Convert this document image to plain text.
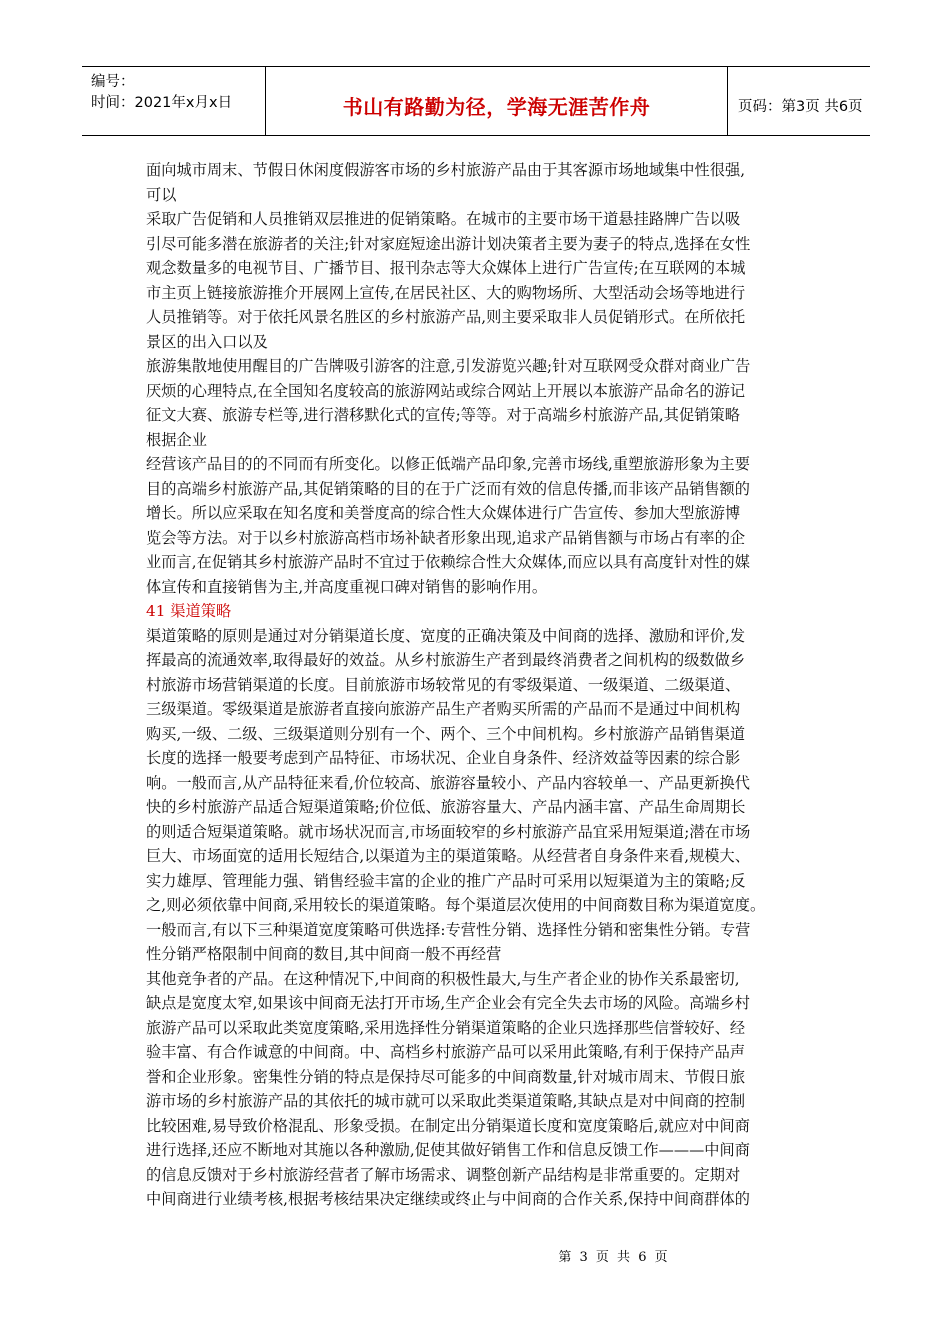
编号：
时间：2021年x月x日	书山有路勤为径，学海无涯苦作舟	页码：第3页 共6页

面向城市周末、节假日休闲度假游客市场的乡村旅游产品由于其客源市场地域集中性很强,

可以

采取广告促销和人员推销双层推进的促销策略。在城市的主要市场干道悬挂路牌广告以吸

引尽可能多潜在旅游者的关注;针对家庭短途出游计划决策者主要为妻子的特点,选择在女性

观念数量多的电视节目、广播节目、报刊杂志等大众媒体上进行广告宣传;在互联网的本城

市主页上链接旅游推介开展网上宣传,在居民社区、大的购物场所、大型活动会场等地进行

人员推销等。对于依托风景名胜区的乡村旅游产品,则主要采取非人员促销形式。在所依托

景区的出入口以及

旅游集散地使用醒目的广告牌吸引游客的注意,引发游览兴趣;针对互联网受众群对商业广告

厌烦的心理特点,在全国知名度较高的旅游网站或综合网站上开展以本旅游产品命名的游记

征文大赛、旅游专栏等,进行潜移默化式的宣传;等等。对于高端乡村旅游产品,其促销策略

根据企业

经营该产品目的的不同而有所变化。以修正低端产品印象,完善市场线,重塑旅游形象为主要

目的高端乡村旅游产品,其促销策略的目的在于广泛而有效的信息传播,而非该产品销售额的

增长。所以应采取在知名度和美誉度高的综合性大众媒体进行广告宣传、参加大型旅游博

览会等方法。对于以乡村旅游高档市场补缺者形象出现,追求产品销售额与市场占有率的企

业而言,在促销其乡村旅游产品时不宜过于依赖综合性大众媒体,而应以具有高度针对性的媒

体宣传和直接销售为主,并高度重视口碑对销售的影响作用。

41 渠道策略

渠道策略的原则是通过对分销渠道长度、宽度的正确决策及中间商的选择、激励和评价,发

挥最高的流通效率,取得最好的效益。从乡村旅游生产者到最终消费者之间机构的级数做乡

村旅游市场营销渠道的长度。目前旅游市场较常见的有零级渠道、一级渠道、二级渠道、

三级渠道。零级渠道是旅游者直接向旅游产品生产者购买所需的产品而不是通过中间机构

购买,一级、二级、三级渠道则分别有一个、两个、三个中间机构。乡村旅游产品销售渠道

长度的选择一般要考虑到产品特征、市场状况、企业自身条件、经济效益等因素的综合影

响。一般而言,从产品特征来看,价位较高、旅游容量较小、产品内容较单一、产品更新换代

快的乡村旅游产品适合短渠道策略;价位低、旅游容量大、产品内涵丰富、产品生命周期长

的则适合短渠道策略。就市场状况而言,市场面较窄的乡村旅游产品宜采用短渠道;潜在市场

巨大、市场面宽的适用长短结合,以渠道为主的渠道策略。从经营者自身条件来看,规模大、

实力雄厚、管理能力强、销售经验丰富的企业的推广产品时可采用以短渠道为主的策略;反

之,则必须依靠中间商,采用较长的渠道策略。每个渠道层次使用的中间商数目称为渠道宽度。

一般而言,有以下三种渠道宽度策略可供选择:专营性分销、选择性分销和密集性分销。专营

性分销严格限制中间商的数目,其中间商一般不再经营

其他竞争者的产品。在这种情况下,中间商的积极性最大,与生产者企业的协作关系最密切,

缺点是宽度太窄,如果该中间商无法打开市场,生产企业会有完全失去市场的风险。高端乡村

旅游产品可以采取此类宽度策略,采用选择性分销渠道策略的企业只选择那些信誉较好、经

验丰富、有合作诚意的中间商。中、高档乡村旅游产品可以采用此策略,有利于保持产品声

誉和企业形象。密集性分销的特点是保持尽可能多的中间商数量,针对城市周末、节假日旅

游市场的乡村旅游产品的其依托的城市就可以采取此类渠道策略,其缺点是对中间商的控制

比较困难,易导致价格混乱、形象受损。在制定出分销渠道长度和宽度策略后,就应对中间商

进行选择,还应不断地对其施以各种激励,促使其做好销售工作和信息反馈工作———中间商

的信息反馈对于乡村旅游经营者了解市场需求、调整创新产品结构是非常重要的。定期对

中间商进行业绩考核,根据考核结果决定继续或终止与中间商的合作关系,保持中间商群体的

第 3 页 共 6 页
